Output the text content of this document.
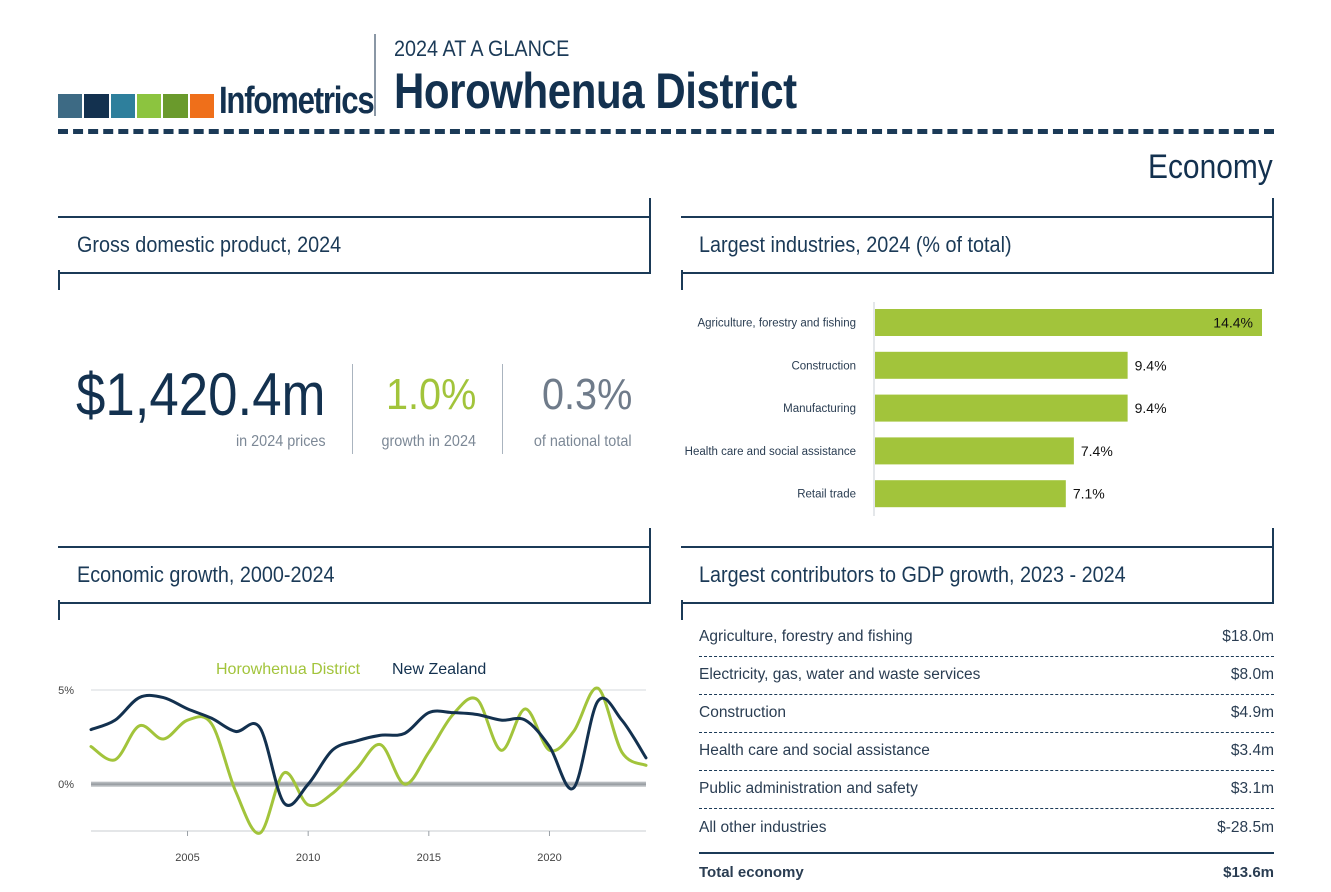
Infometrics
2024 AT A GLANCE
Horowhenua District
Economy
Gross domestic product, 2024
$1,420.4m
in 2024 prices
1.0%
growth in 2024
0.3%
of national total
Largest industries, 2024 (% of total)
Agriculture, forestry and fishing	14.4%
Construction	9.4%
Manufacturing	9.4%
Health care and social assistance	7.4%
Retail trade	7.1%
Economic growth, 2000-2024
Horowhenua District New Zealand
5%
0%
2005	2010	2015	2020
Largest contributors to GDP growth, 2023 - 2024
Agriculture, forestry and fishing	$18.0m
Electricity, gas, water and waste services	$8.0m
Construction	$4.9m
Health care and social assistance	$3.4m
Public administration and safety	$3.1m
All other industries	$-28.5m
Total economy	$13.6m
